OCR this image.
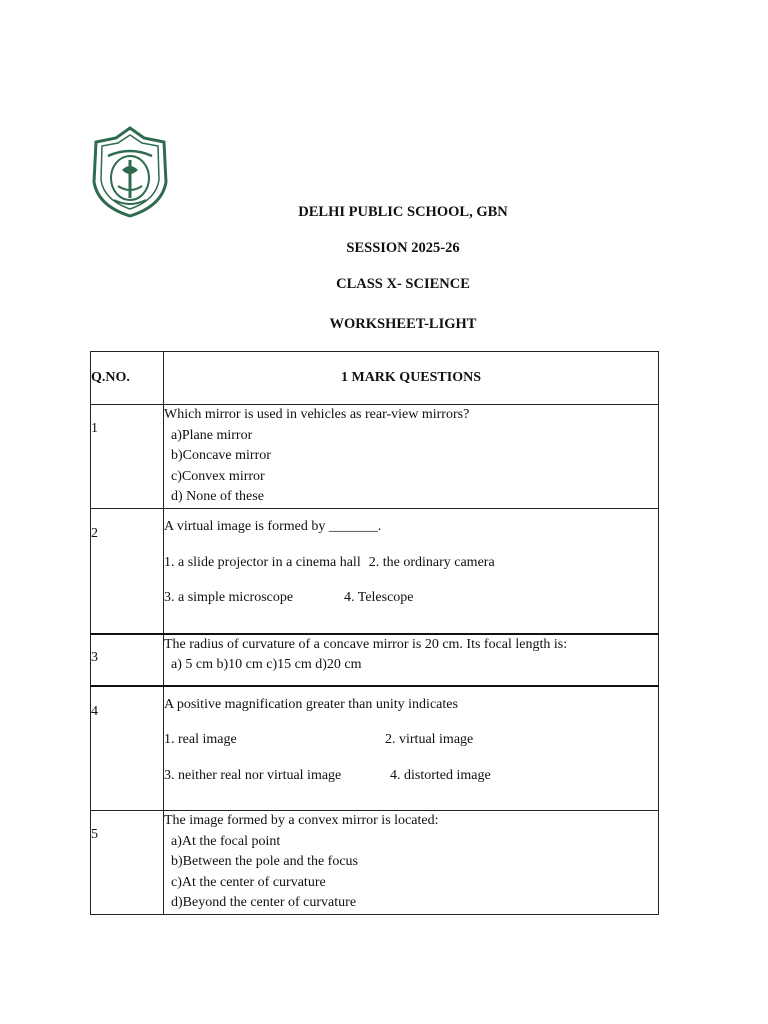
DELHI PUBLIC SCHOOL, GBN
SESSION 2025-26
CLASS X- SCIENCE
WORKSHEET-LIGHT
Q.NO.	1 MARK QUESTIONS

1	Which mirror is used in vehicles as rear-view mirrors?
a)Plane mirror
b)Concave mirror
c)Convex mirror
d) None of these

2	A virtual image is formed by _______.
1. a slide projector in a cinema hall 2. the ordinary camera
3. a simple microscope 4. Telescope

3	The radius of curvature of a concave mirror is 20 cm. Its focal length is:
a) 5 cm b)10 cm c)15 cm d)20 cm

4	A positive magnification greater than unity indicates
1. real image 2. virtual image
3. neither real nor virtual image 4. distorted image

5	The image formed by a convex mirror is located:
a)At the focal point
b)Between the pole and the focus
c)At the center of curvature
d)Beyond the center of curvature
